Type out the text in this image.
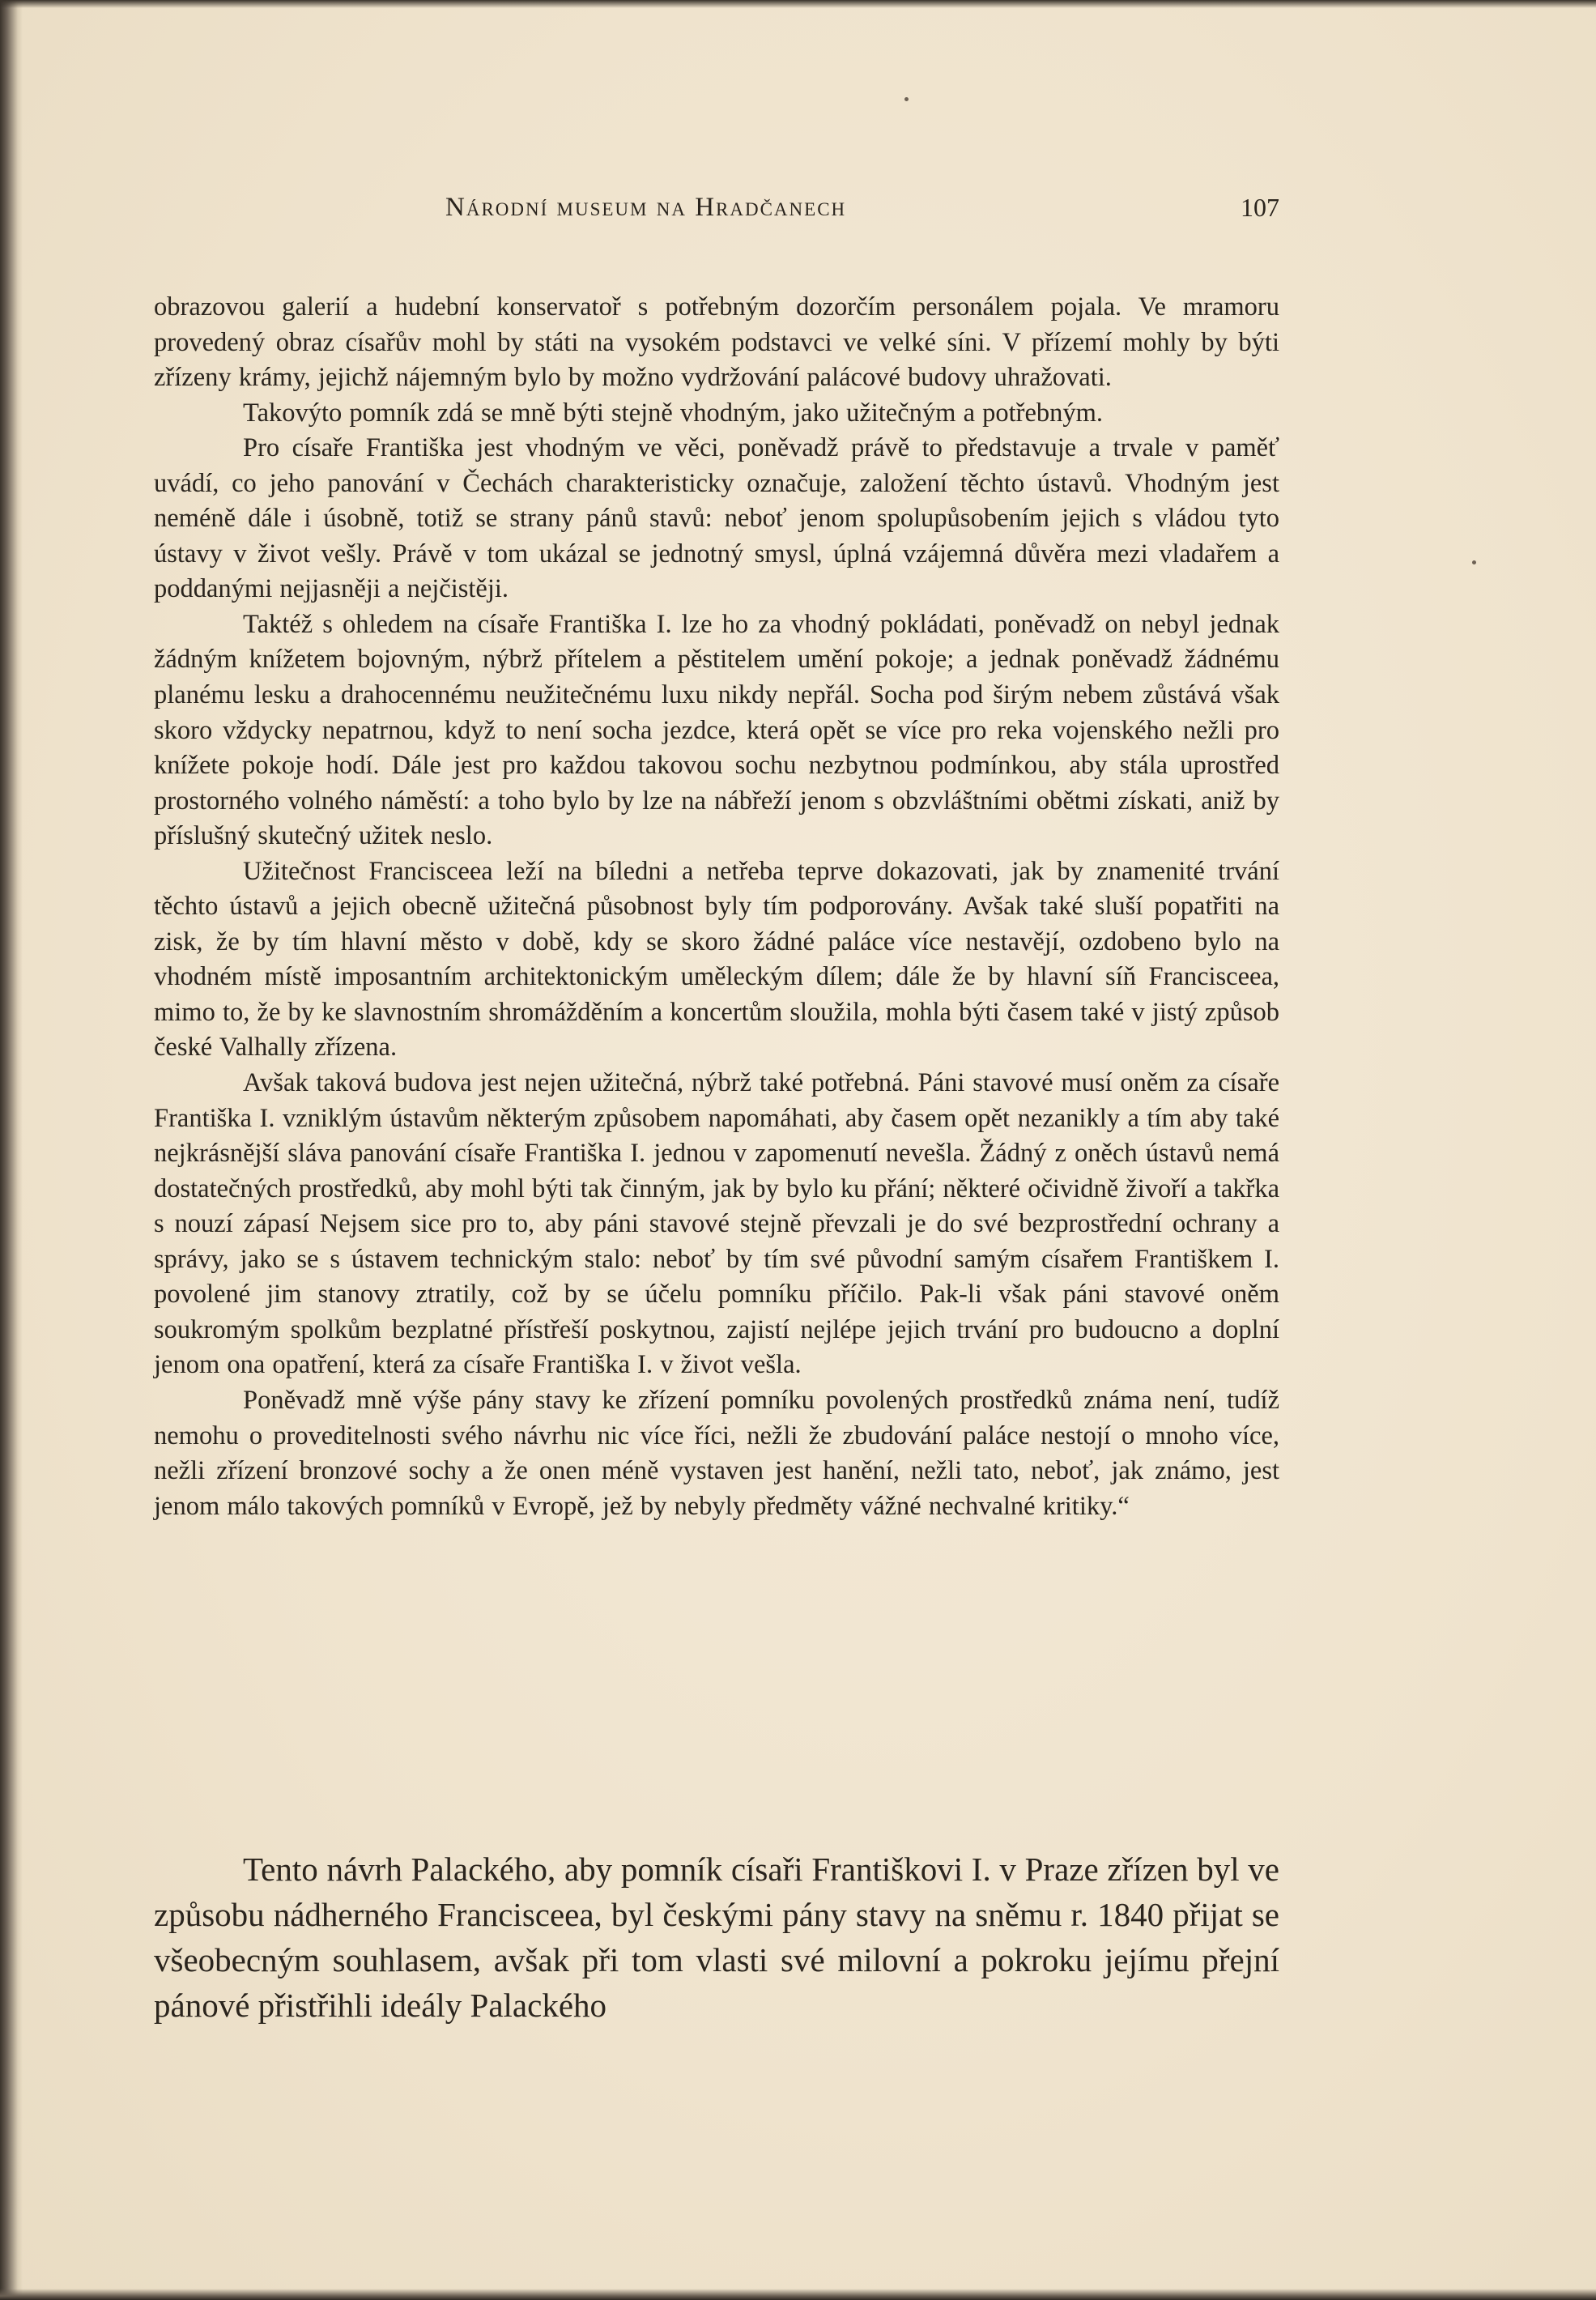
Národní museum na Hradčanech	107

obrazovou galerií a hudební konservatoř s potřebným dozorčím personálem pojala. Ve mramoru provedený obraz císařův mohl by státi na vysokém podstavci ve velké síni. V přízemí mohly by býti zřízeny krámy, jejichž nájemným bylo by možno vydržování palácové budovy uhražovati.

Takovýto pomník zdá se mně býti stejně vhodným, jako užitečným a potřebným.

Pro císaře Františka jest vhodným ve věci, poněvadž právě to představuje a trvale v paměť uvádí, co jeho panování v Čechách charakteristicky označuje, založení těchto ústavů. Vhodným jest neméně dále i úsobně, totiž se strany pánů stavů: neboť jenom spolupůsobením jejich s vládou tyto ústavy v život vešly. Právě v tom ukázal se jednotný smysl, úplná vzájemná důvěra mezi vladařem a poddanými nejjasněji a nejčistěji.

Taktéž s ohledem na císaře Františka I. lze ho za vhodný pokládati, poněvadž on nebyl jednak žádným knížetem bojovným, nýbrž přítelem a pěstitelem umění pokoje; a jednak poněvadž žádnému planému lesku a drahocennému neužitečnému luxu nikdy nepřál. Socha pod širým nebem zůstává však skoro vždycky nepatrnou, když to není socha jezdce, která opět se více pro reka vojenského nežli pro knížete pokoje hodí. Dále jest pro každou takovou sochu nezbytnou podmínkou, aby stála uprostřed prostorného volného náměstí: a toho bylo by lze na nábřeží jenom s obzvláštními obětmi získati, aniž by příslušný skutečný užitek neslo.

Užitečnost Francisceea leží na bíledni a netřeba teprve dokazovati, jak by znamenité trvání těchto ústavů a jejich obecně užitečná působnost byly tím podporovány. Avšak také sluší popatřiti na zisk, že by tím hlavní město v době, kdy se skoro žádné paláce více nestavějí, ozdobeno bylo na vhodném místě imposantním architektonickým uměleckým dílem; dále že by hlavní síň Francisceea, mimo to, že by ke slavnostním shromážděním a koncertům sloužila, mohla býti časem také v jistý způsob české Valhally zřízena.

Avšak taková budova jest nejen užitečná, nýbrž také potřebná. Páni stavové musí oněm za císaře Františka I. vzniklým ústavům některým způsobem napomáhati, aby časem opět nezanikly a tím aby také nejkrásnější sláva panování císaře Františka I. jednou v zapomenutí nevešla. Žádný z oněch ústavů nemá dostatečných prostředků, aby mohl býti tak činným, jak by bylo ku přání; některé očividně živoří a takřka s nouzí zápasí Nejsem sice pro to, aby páni stavové stejně převzali je do své bezprostřední ochrany a správy, jako se s ústavem technickým stalo: neboť by tím své původní samým císařem Františkem I. povolené jim stanovy ztratily, což by se účelu pomníku příčilo. Pak-li však páni stavové oněm soukromým spolkům bezplatné přístřeší poskytnou, zajistí nejlépe jejich trvání pro budoucno a doplní jenom ona opatření, která za císaře Františka I. v život vešla.

Poněvadž mně výše pány stavy ke zřízení pomníku povolených prostředků známa není, tudíž nemohu o proveditelnosti svého návrhu nic více říci, nežli že zbudování paláce nestojí o mnoho více, nežli zřízení bronzové sochy a že onen méně vystaven jest hanění, nežli tato, neboť, jak známo, jest jenom málo takových pomníků v Evropě, jež by nebyly předměty vážné nechvalné kritiky.“

Tento návrh Palackého, aby pomník císaři Františkovi I. v Praze zřízen byl ve způsobu nádherného Francisceea, byl českými pány stavy na sněmu r. 1840 přijat se všeobecným souhlasem, avšak při tom vlasti své milovní a pokroku jejímu přejní pánové přistřihli ideály Palackého
